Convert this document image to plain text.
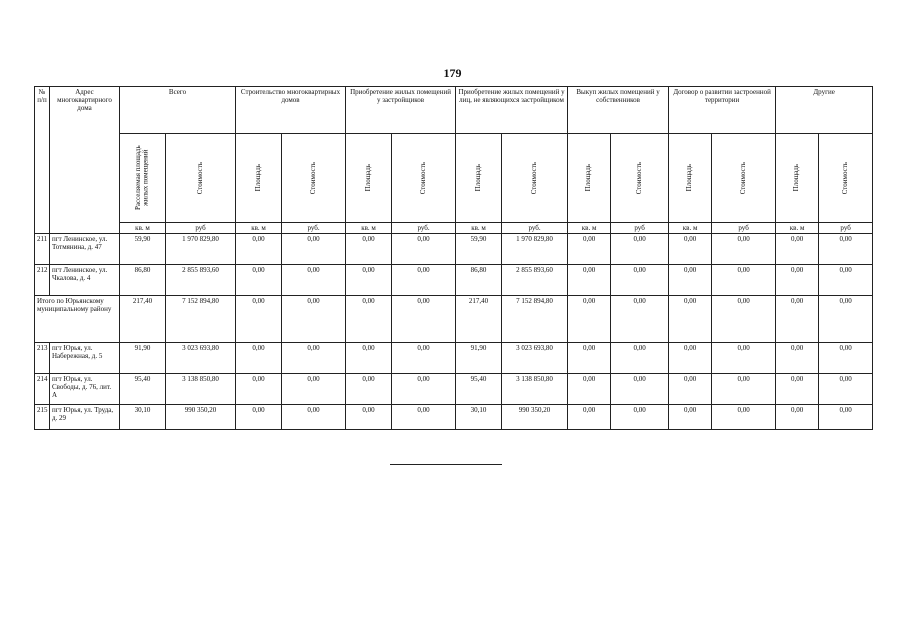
179
№ п/п	Адрес многоквартирного дома	Всего		Строительство многоквартирных домов		Приобретение жилых помещений у застройщиков		Приобретение жилых помещений у лиц, не являющихся застройщиком		Выкуп жилых помещений у собственников		Договор о развитии застроенной территории		Другие	

		Расселяемая площадь жилых помещений	Стоимость	Площадь	Стоимость	Площадь	Стоимость	Площадь	Стоимость	Площадь	Стоимость	Площадь	Стоимость	Площадь	Стоимость

		кв. м	руб	кв. м	руб.	кв. м	руб.	кв. м	руб.	кв. м	руб	кв. м	руб	кв. м	руб
211	пгт Ленинское, ул. Тотмянина, д. 47	59,90	1 970 829,80	0,00	0,00	0,00	0,00	59,90	1 970 829,80	0,00	0,00	0,00	0,00	0,00	0,00
212	пгт Ленинское, ул. Чкалова, д. 4	86,80	2 855 893,60	0,00	0,00	0,00	0,00	86,80	2 855 893,60	0,00	0,00	0,00	0,00	0,00	0,00
Итого по Юрьянскому муниципальному району		217,40	7 152 894,80	0,00	0,00	0,00	0,00	217,40	7 152 894,80	0,00	0,00	0,00	0,00	0,00	0,00
213	пгт Юрья, ул. Набережная, д. 5	91,90	3 023 693,80	0,00	0,00	0,00	0,00	91,90	3 023 693,80	0,00	0,00	0,00	0,00	0,00	0,00
214	пгт Юрья, ул. Свободы, д. 76, лит. А	95,40	3 138 850,80	0,00	0,00	0,00	0,00	95,40	3 138 850,80	0,00	0,00	0,00	0,00	0,00	0,00
215	пгт Юрья, ул. Труда, д. 29	30,10	990 350,20	0,00	0,00	0,00	0,00	30,10	990 350,20	0,00	0,00	0,00	0,00	0,00	0,00
